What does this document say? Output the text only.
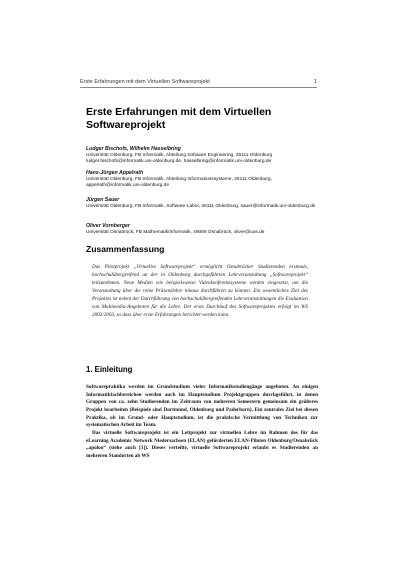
Erste Erfahrungen mit dem Virtuellen Softwareprojekt	1
Erste Erfahrungen mit dem Virtuellen Softwareprojekt
Ludger Bischofs, Wilhelm Hasselbring
Universität Oldenburg, FB Informatik, Abteilung Software Engineering, 26111 Oldenburg
ludger.bischofs@informatik.uni-oldenburg.de, hasselbring@informatik.uni-oldenburg.de
Hans-Jürgen Appelrath
Universität Oldenburg, FB Informatik, Abteilung Informationssysteme, 26111 Oldenburg,
appelrath@informatik.uni-oldenburg.de
Jürgen Sauer
Universität Oldenburg, FB Informatik, Software-Labor, 26111 Oldenburg, sauer@informatik.uni-oldenburg.de
Oliver Vornberger
Universität Osnabrück, FB Mathematik/Informatik, 49069 Osnabrück, oliver@uos.de
Zusammenfassung

Das Pilotprojekt „Virtuelles Softwareprojekt“ ermöglicht Osnabrücker Studierenden erstmals, hochschulübergreifend an der in Oldenburg durchgeführten Lehrveranstaltung „Softwareprojekt“ teilzunehmen. Neue Medien wie beispielsweise Videokonferenzsysteme werden eingesetzt, um die Veranstaltung über die reine Präsenzlehre hinaus durchführen zu können. Ein wesentliches Ziel des Projektes ist neben der Durchführung von hochschulübergreifenden Lehrveranstaltungen die Evaluation von Multimedia-Angeboten für die Lehre. Der erste Durchlauf des Softwareprojektes erfolgt im WS 2002/2003, so dass über erste Erfahrungen berichtet werden kann.

1. Einleitung

Softwarepraktika werden im Grundstudium vieler Informatikstudiengänge angeboten. An einigen Informatikfachbereichen werden auch im Hauptstudium Projektgruppen durchgeführt, in denen Gruppen von ca. zehn Studierenden im Zeitraum von mehreren Semestern gemeinsam ein größeres Projekt bearbeiten (Beispiele sind Dortmund, Oldenburg und Paderborn). Ein zentrales Ziel bei diesen Praktika, ob im Grund- oder Hauptstudium, ist die praktische Vermittlung von Techniken zur systematischen Arbeit im Team.

Das virtuelle Softwareprojekt ist ein Leitprojekt zur virtuellen Lehre im Rahmen des für das eLearning Academic Network Niedersachsen (ELAN) geförderten ELAN-Piloten Oldenburg/Osnabrück „apoloo“ (siehe auch [1]). Dieses verteilte, virtuelle Softwareprojekt erlaubt es Studierenden an mehreren Standorten ab WS
